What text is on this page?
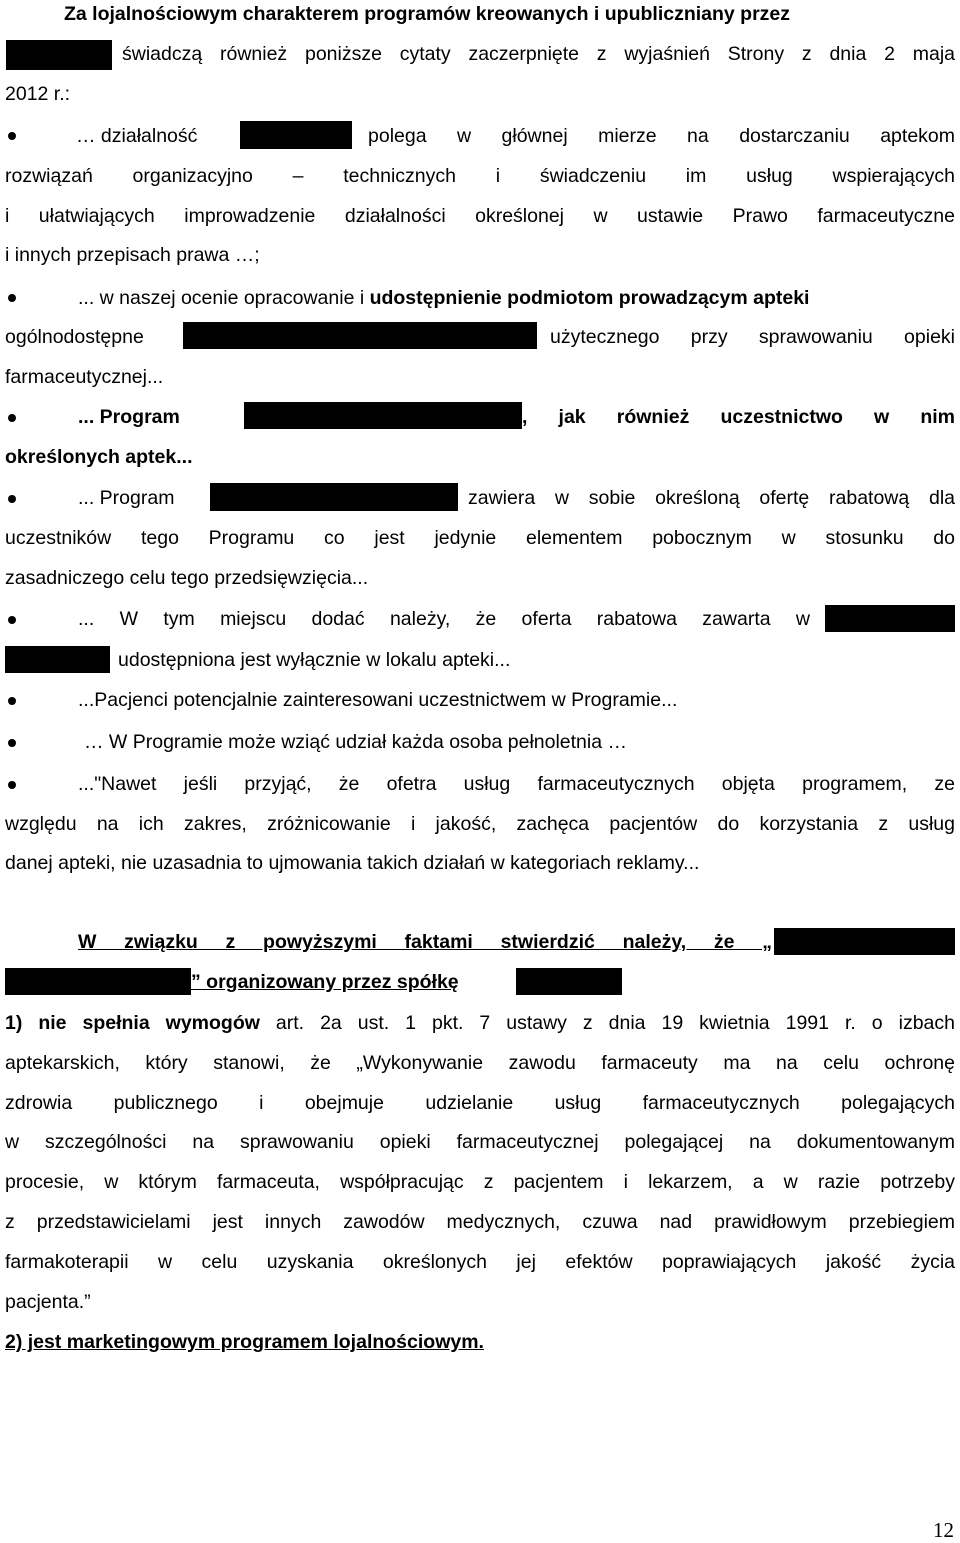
Za lojalnościowym charakterem programów kreowanych i upubliczniany przez
świadczą również poniższe cytaty zaczerpnięte z wyjaśnień Strony z dnia 2 maja
2012 r.:
… działalność	polega w głównej mierze na dostarczaniu aptekom
rozwiązań organizacyjno – technicznych i świadczeniu im usług wspierających
i ułatwiających improwadzenie działalności określonej w ustawie Prawo farmaceutyczne
i innych przepisach prawa …;
... w naszej ocenie opracowanie i udostępnienie podmiotom prowadzącym apteki
ogólnodostępne	użytecznego przy sprawowaniu opieki
farmaceutycznej...
... Program	, jak również uczestnictwo w nim
określonych aptek...
... Program	zawiera w sobie określoną ofertę rabatową dla
uczestników tego Programu co jest jedynie elementem pobocznym w stosunku do
zasadniczego celu tego przedsięwzięcia...
... W tym miejscu dodać należy, że oferta rabatowa zawarta w
udostępniona jest wyłącznie w lokalu apteki...
...Pacjenci potencjalnie zainteresowani uczestnictwem w Programie...
… W Programie może wziąć udział każda osoba pełnoletnia …
..."Nawet jeśli przyjąć, że ofetra usług farmaceutycznych objęta programem, ze
względu na ich zakres, zróżnicowanie i jakość, zachęca pacjentów do korzystania z usług
danej apteki, nie uzasadnia to ujmowania takich działań w kategoriach reklamy...
W związku z powyższymi faktami stwierdzić należy, że „
” organizowany przez spółkę
1) nie spełnia wymogów art. 2a ust. 1 pkt. 7 ustawy z dnia 19 kwietnia 1991 r. o izbach
aptekarskich, który stanowi, że „Wykonywanie zawodu farmaceuty ma na celu ochronę
zdrowia publicznego i obejmuje udzielanie usług farmaceutycznych polegających
w szczególności na sprawowaniu opieki farmaceutycznej polegającej na dokumentowanym
procesie, w którym farmaceuta, współpracując z pacjentem i lekarzem, a w razie potrzeby
z przedstawicielami jest innych zawodów medycznych, czuwa nad prawidłowym przebiegiem
farmakoterapii w celu uzyskania określonych jej efektów poprawiających jakość życia
pacjenta.”
2) jest marketingowym programem lojalnościowym.
12
